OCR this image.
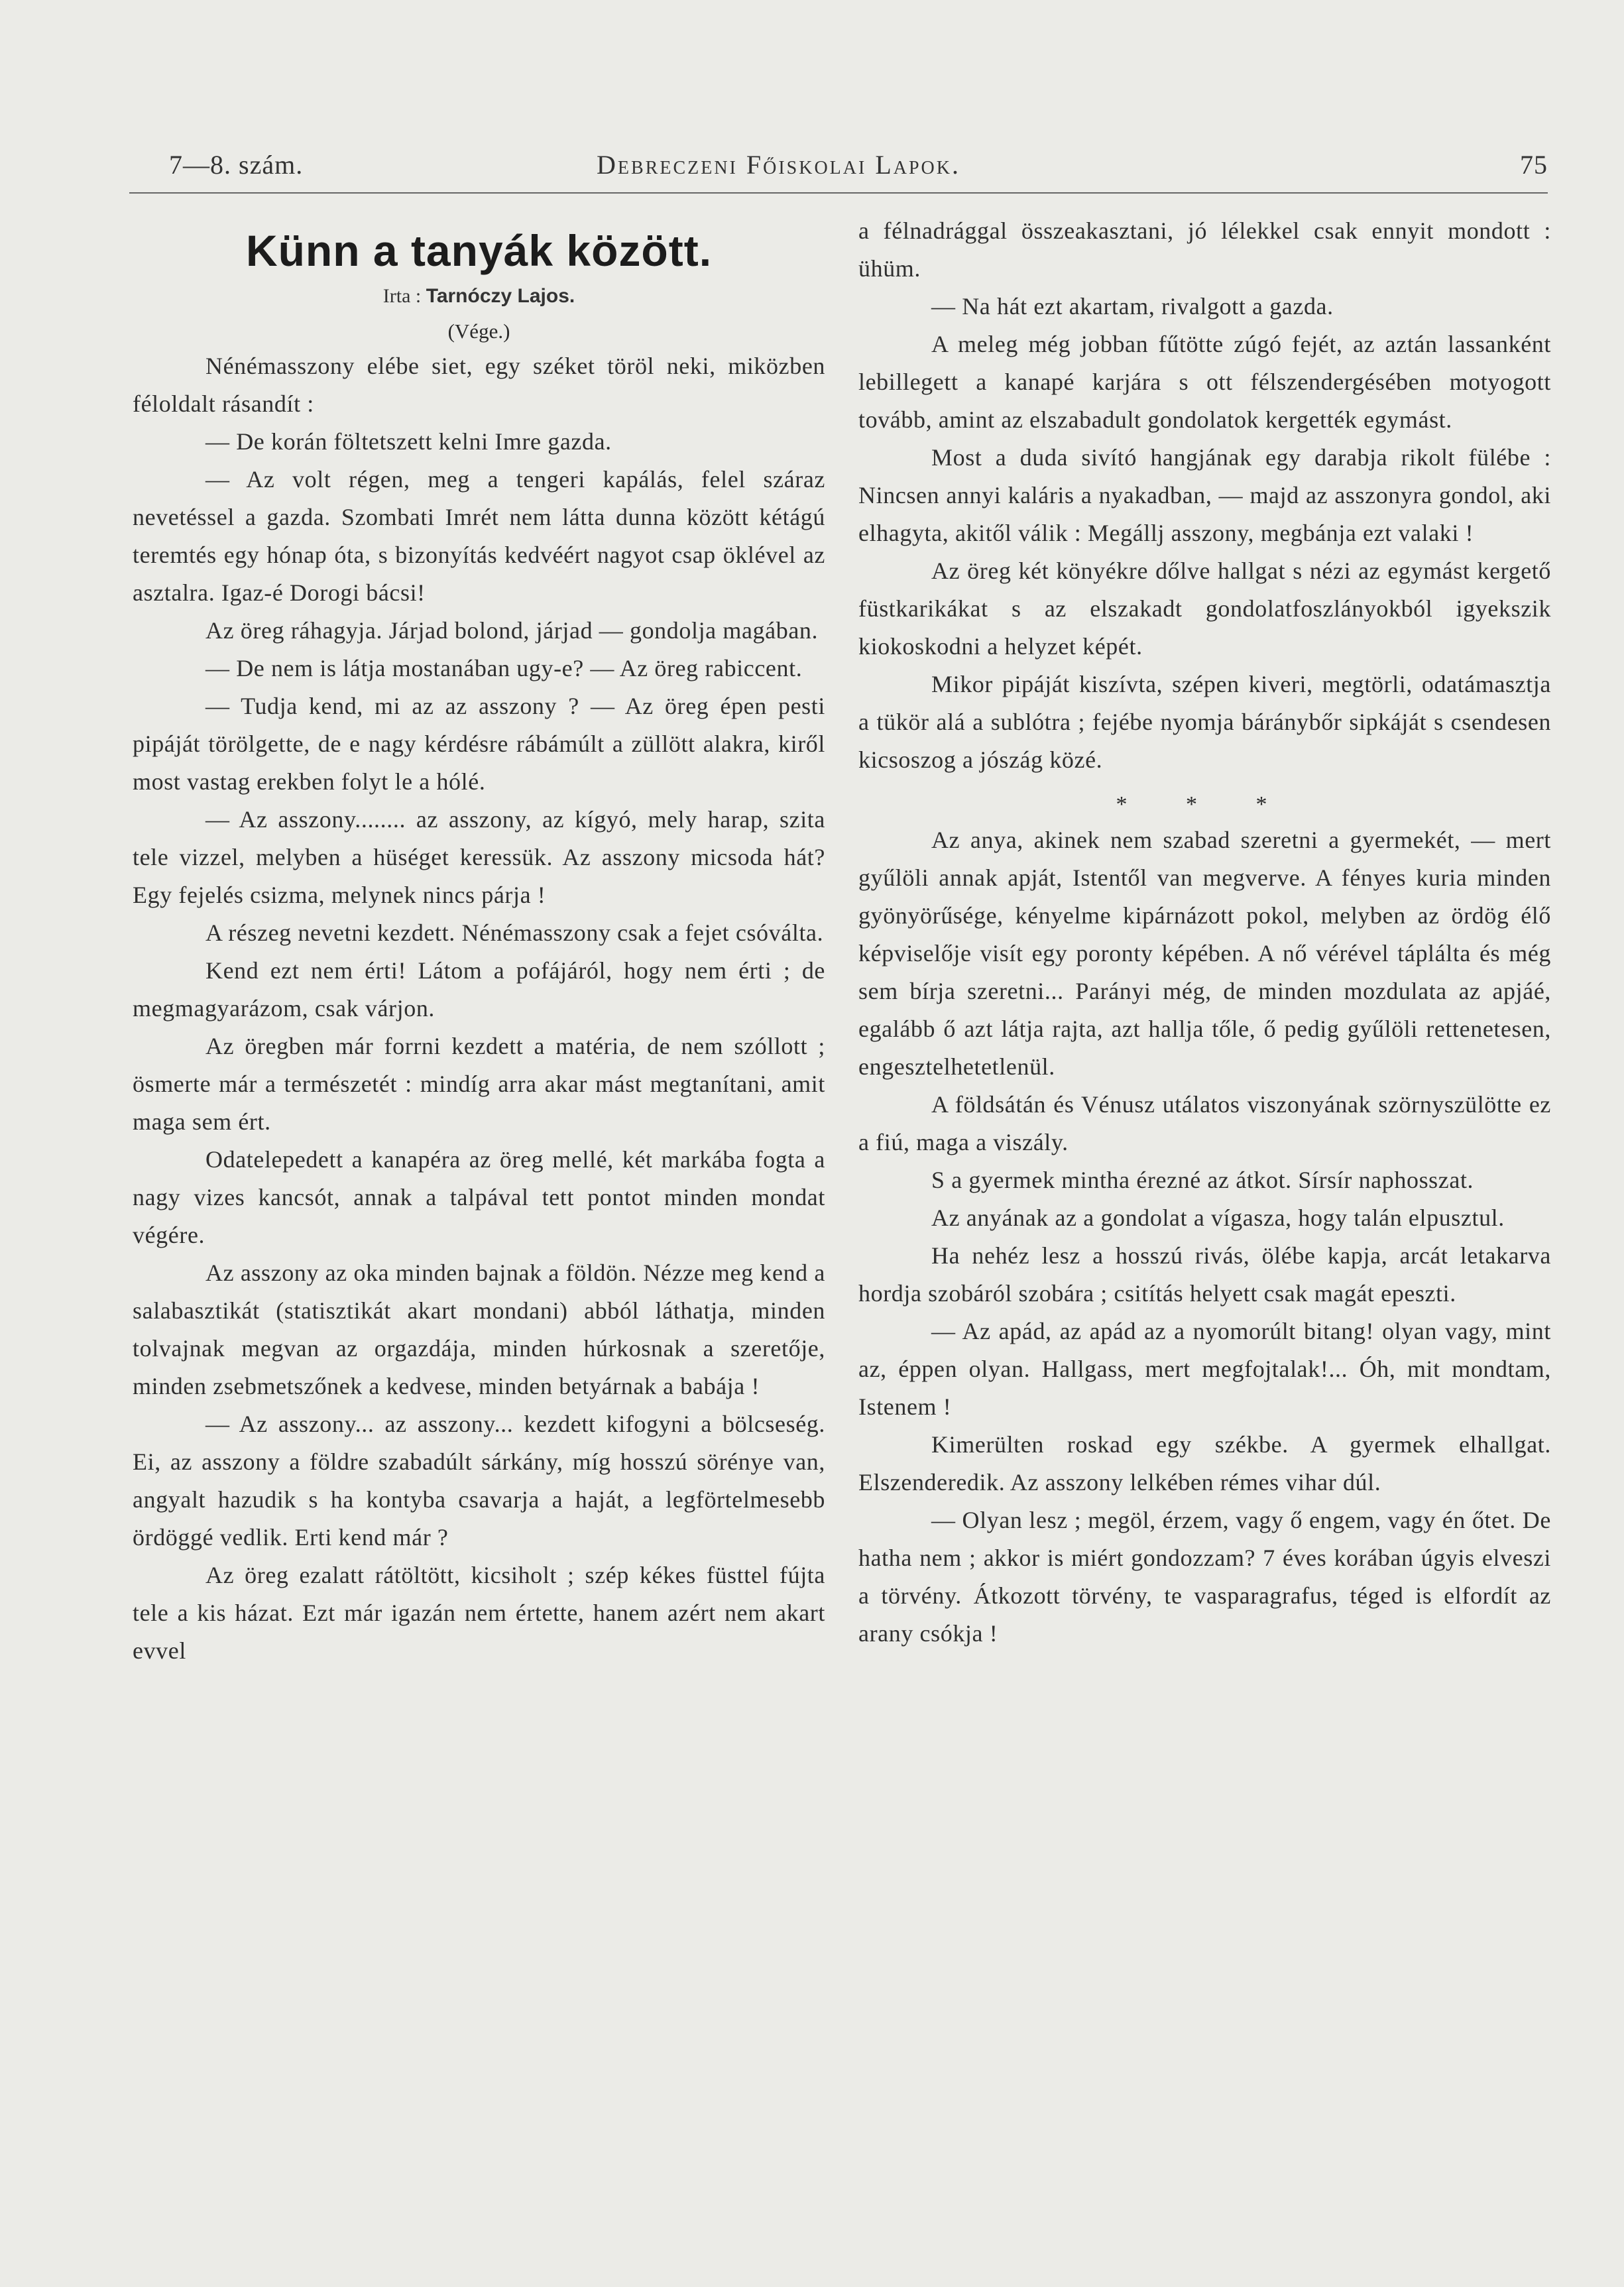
7—8. szám.	Debreczeni Főiskolai Lapok.	75
Künn a tanyák között.
Irta : Tarnóczy Lajos.
(Vége.)

Nénémasszony elébe siet, egy széket töröl neki, miközben féloldalt rásandít :

— De korán föltetszett kelni Imre gazda.

— Az volt régen, meg a tengeri kapálás, felel száraz nevetéssel a gazda. Szombati Imrét nem látta dunna között kétágú teremtés egy hónap óta, s bizonyítás kedvéért nagyot csap öklével az asztalra. Igaz-é Dorogi bácsi!

Az öreg ráhagyja. Járjad bolond, járjad — gondolja magában.

— De nem is látja mostanában ugy-e? — Az öreg rabiccent.

— Tudja kend, mi az az asszony ? — Az öreg épen pesti pipáját törölgette, de e nagy kérdésre rábámúlt a züllött alakra, kiről most vastag erekben folyt le a hólé.

— Az asszony........ az asszony, az kígyó, mely harap, szita tele vizzel, melyben a hüséget keressük. Az asszony micsoda hát? Egy fejelés csizma, melynek nincs párja !

A részeg nevetni kezdett. Nénémasszony csak a fejet csóválta.

Kend ezt nem érti! Látom a pofájáról, hogy nem érti ; de megmagyarázom, csak várjon.

Az öregben már forrni kezdett a matéria, de nem szóllott ; ösmerte már a természetét : mindíg arra akar mást megtanítani, amit maga sem ért.

Odatelepedett a kanapéra az öreg mellé, két markába fogta a nagy vizes kancsót, annak a talpával tett pontot minden mondat végére.

Az asszony az oka minden bajnak a földön. Nézze meg kend a salabasztikát (statisztikát akart mondani) abból láthatja, minden tolvajnak megvan az orgazdája, minden húrkosnak a szeretője, minden zsebmetszőnek a kedvese, minden betyárnak a babája !

— Az asszony... az asszony... kezdett kifogyni a bölcseség. Ei, az asszony a földre szabadúlt sárkány, míg hosszú sörénye van, angyalt hazudik s ha kontyba csavarja a haját, a legförtelmesebb ördöggé vedlik. Erti kend már ?

Az öreg ezalatt rátöltött, kicsiholt ; szép kékes füsttel fújta tele a kis házat. Ezt már igazán nem értette, hanem azért nem akart evvel

a félnadrággal összeakasztani, jó lélekkel csak ennyit mondott : ühüm.

— Na hát ezt akartam, rivalgott a gazda.

A meleg még jobban fűtötte zúgó fejét, az aztán lassanként lebillegett a kanapé karjára s ott félszendergésében motyogott tovább, amint az elszabadult gondolatok kergették egymást.

Most a duda sivító hangjának egy darabja rikolt fülébe : Nincsen annyi kaláris a nyakadban, — majd az asszonyra gondol, aki elhagyta, akitől válik : Megállj asszony, megbánja ezt valaki !

Az öreg két könyékre dőlve hallgat s nézi az egymást kergető füstkarikákat s az elszakadt gondolatfoszlányokból igyekszik kiokoskodni a helyzet képét.

Mikor pipáját kiszívta, szépen kiveri, megtörli, odatámasztja a tükör alá a sublótra ; fejébe nyomja báránybőr sipkáját s csendesen kicsoszog a jószág közé.

* * *

Az anya, akinek nem szabad szeretni a gyermekét, — mert gyűlöli annak apját, Istentől van megverve. A fényes kuria minden gyönyörűsége, kényelme kipárnázott pokol, melyben az ördög élő képviselője visít egy poronty képében. A nő vérével táplálta és még sem bírja szeretni... Parányi még, de minden mozdulata az apjáé, egalább ő azt látja rajta, azt hallja tőle, ő pedig gyűlöli rettenetesen, engesztelhetetlenül.

A földsátán és Vénusz utálatos viszonyának szörnyszülötte ez a fiú, maga a viszály.

S a gyermek mintha érezné az átkot. Sírsír naphosszat.

Az anyának az a gondolat a vígasza, hogy talán elpusztul.

Ha nehéz lesz a hosszú rivás, ölébe kapja, arcát letakarva hordja szobáról szobára ; csitítás helyett csak magát epeszti.

— Az apád, az apád az a nyomorúlt bitang! olyan vagy, mint az, éppen olyan. Hallgass, mert megfojtalak!... Óh, mit mondtam, Istenem !

Kimerülten roskad egy székbe. A gyermek elhallgat. Elszenderedik. Az asszony lelkében rémes vihar dúl.

— Olyan lesz ; megöl, érzem, vagy ő engem, vagy én őtet. De hatha nem ; akkor is miért gondozzam? 7 éves korában úgyis elveszi a törvény. Átkozott törvény, te vasparagrafus, téged is elfordít az arany csókja !
